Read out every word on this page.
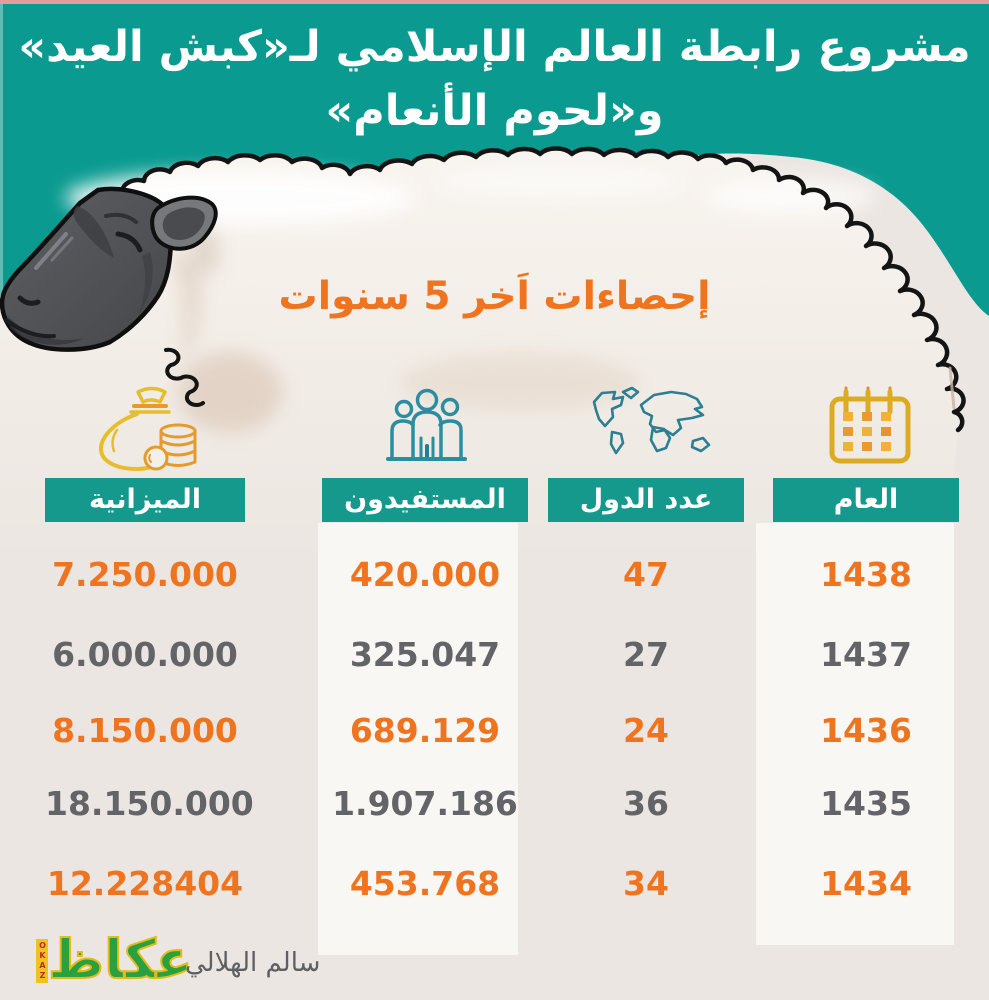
مشروع رابطة العالم الإسلامي لـ«كبش العيد»
و«لحوم الأنعام»
إحصاءات اَخر 5 سنوات
الميزانية	المستفيدون	عدد الدول	العام
7.250.000	420.000	47	1438
6.000.000	325.047	27	1437
8.150.000	689.129	24	1436
18.150.000	1.907.186	36	1435
12.228404	453.768	34	1434
OKAZعكاظ
سالم الهلالي
